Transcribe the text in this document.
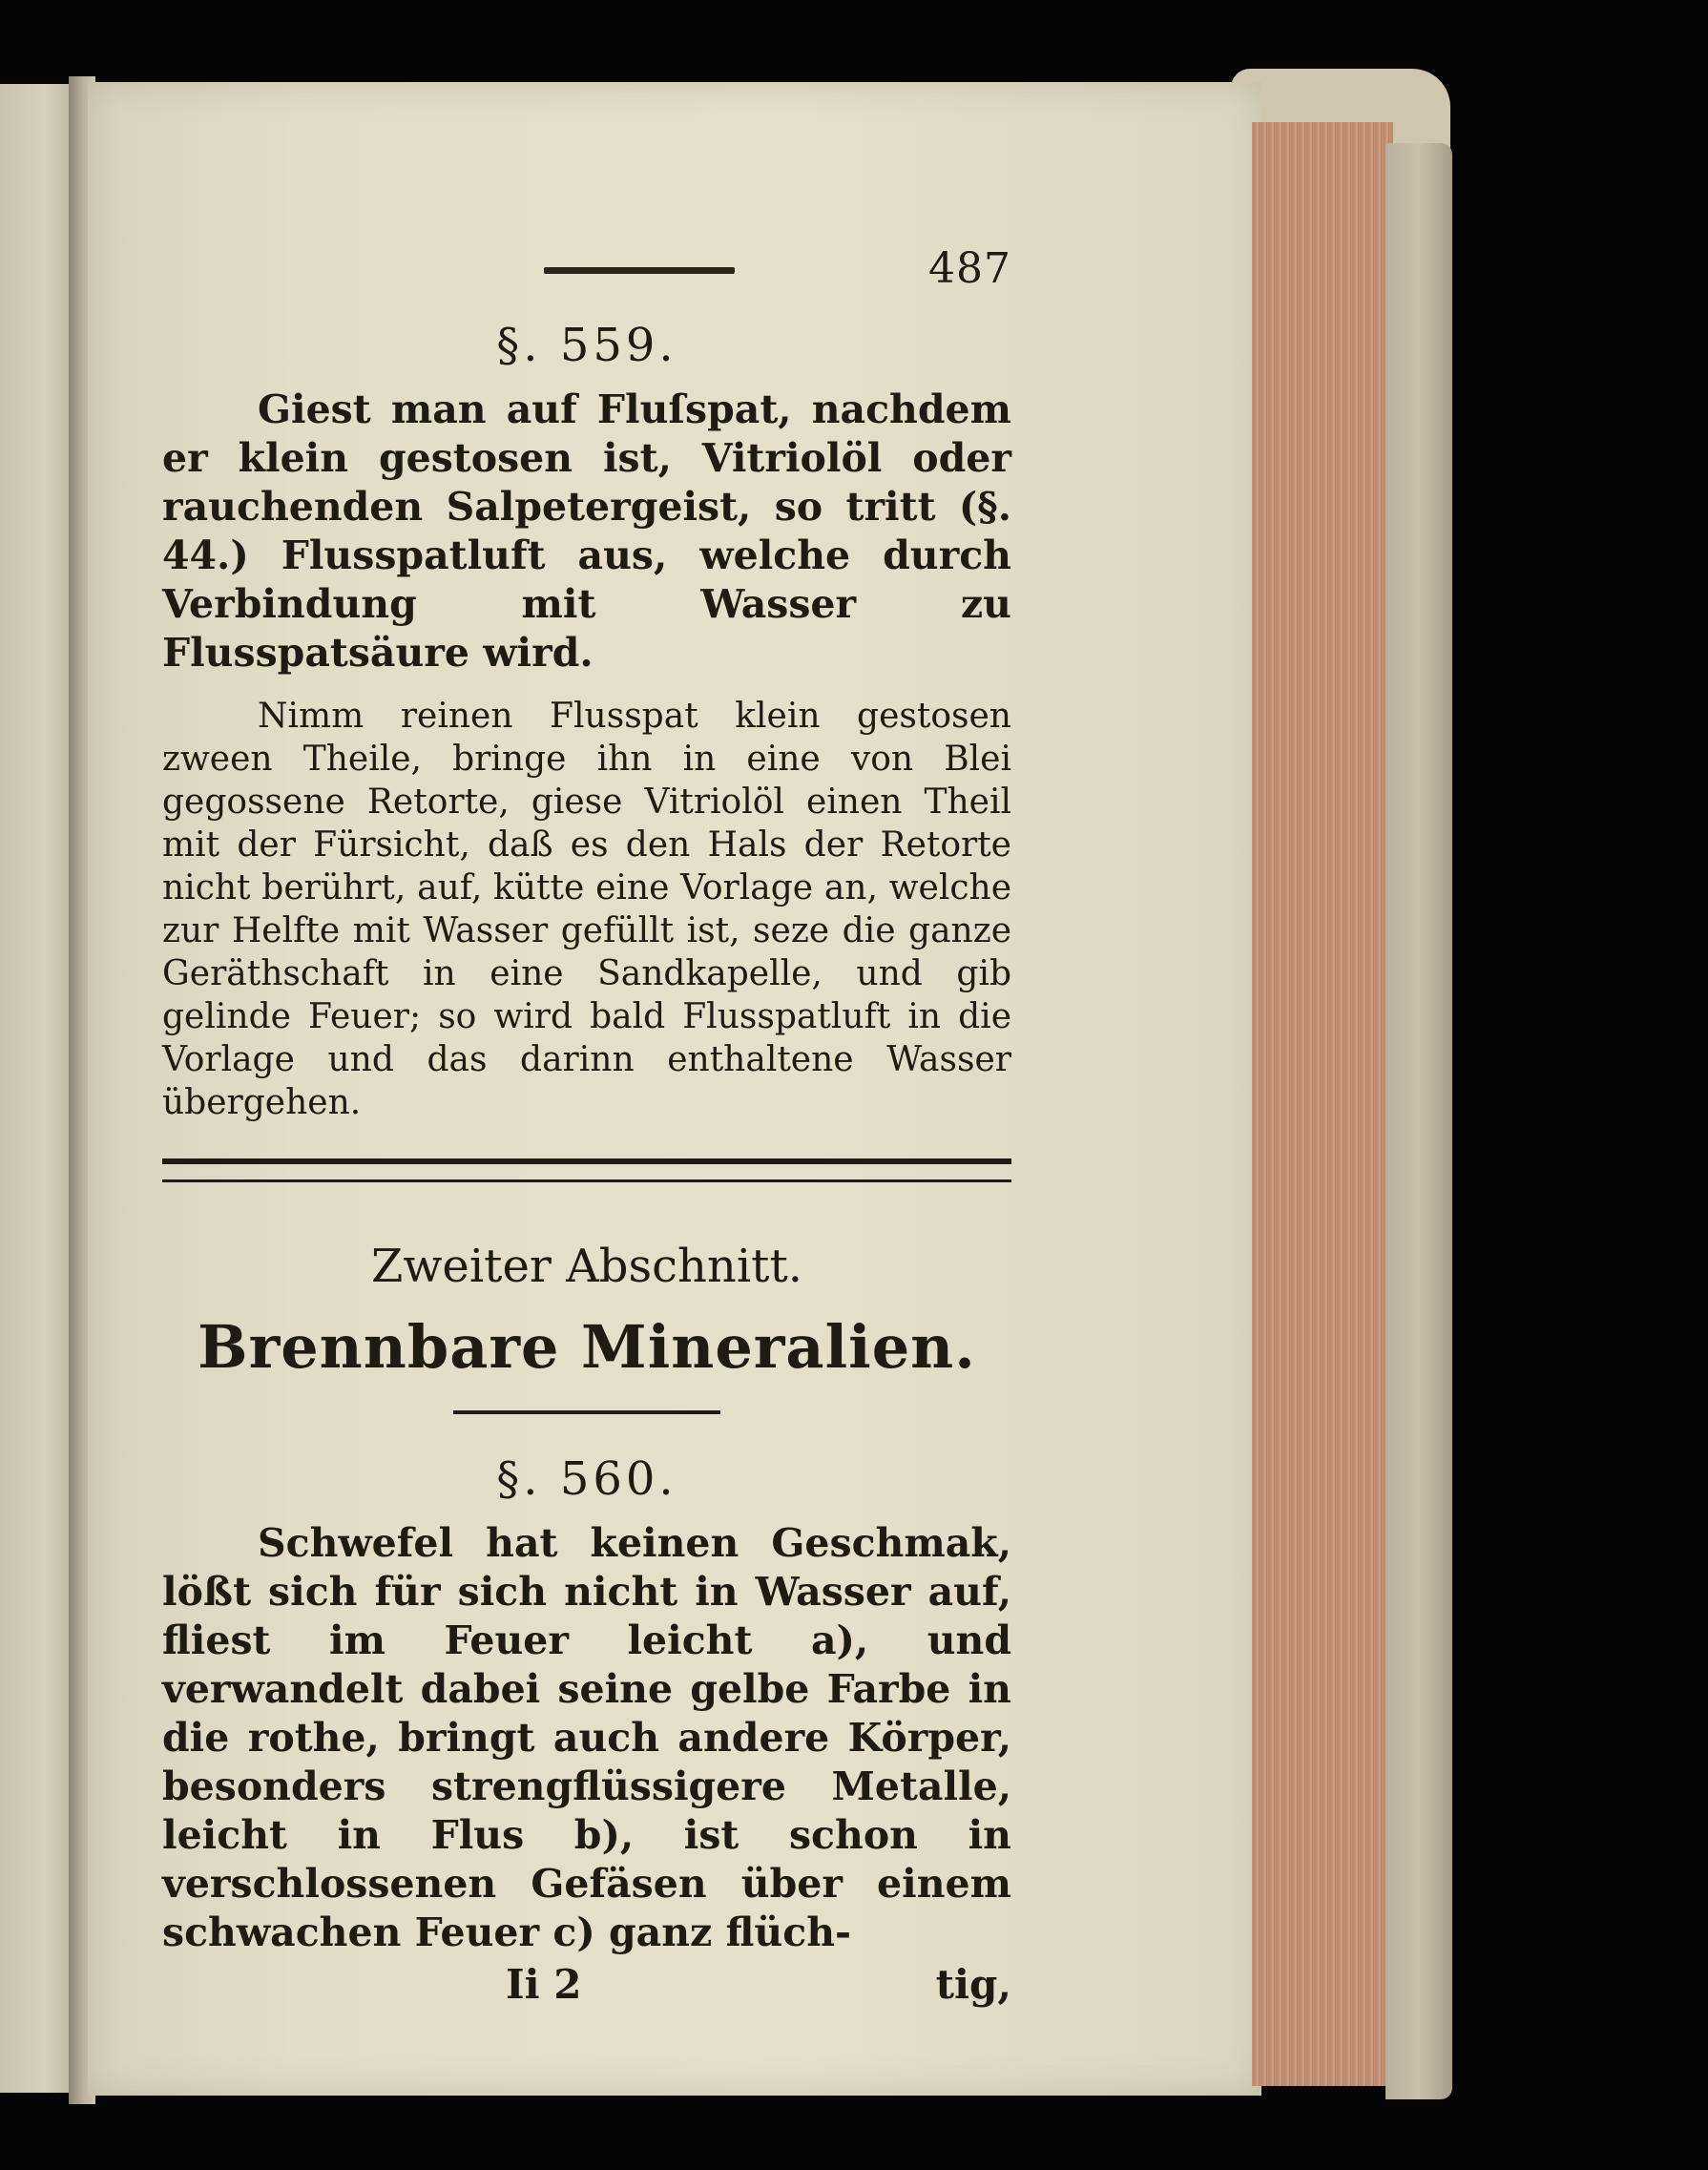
487
§. 559.

Giest man auf Fluſspat, nachdem er klein gestosen ist, Vitriolöl oder rauchenden Salpetergeist, so tritt (§. 44.) Flusspatluft aus, welche durch Verbindung mit Wasser zu Flusspatsäure wird.

Nimm reinen Flusspat klein gestosen zween Theile, bringe ihn in eine von Blei gegossene Retorte, giese Vitriolöl einen Theil mit der Fürsicht, daß es den Hals der Retorte nicht berührt, auf, kütte eine Vorlage an, welche zur Helfte mit Wasser gefüllt ist, seze die ganze Geräthschaft in eine Sandkapelle, und gib gelinde Feuer; so wird bald Flusspatluft in die Vorlage und das darinn enthaltene Wasser übergehen.

Zweiter Abschnitt.
Brennbare Mineralien.
§. 560.

Schwefel hat keinen Geschmak, lößt sich für sich nicht in Wasser auf, fliest im Feuer leicht a), und verwandelt dabei seine gelbe Farbe in die rothe, bringt auch andere Körper, besonders strengflüssigere Metalle, leicht in Flus b), ist schon in verschlossenen Gefäsen über einem schwachen Feuer c) ganz flüch-

Ii 2	tig,
